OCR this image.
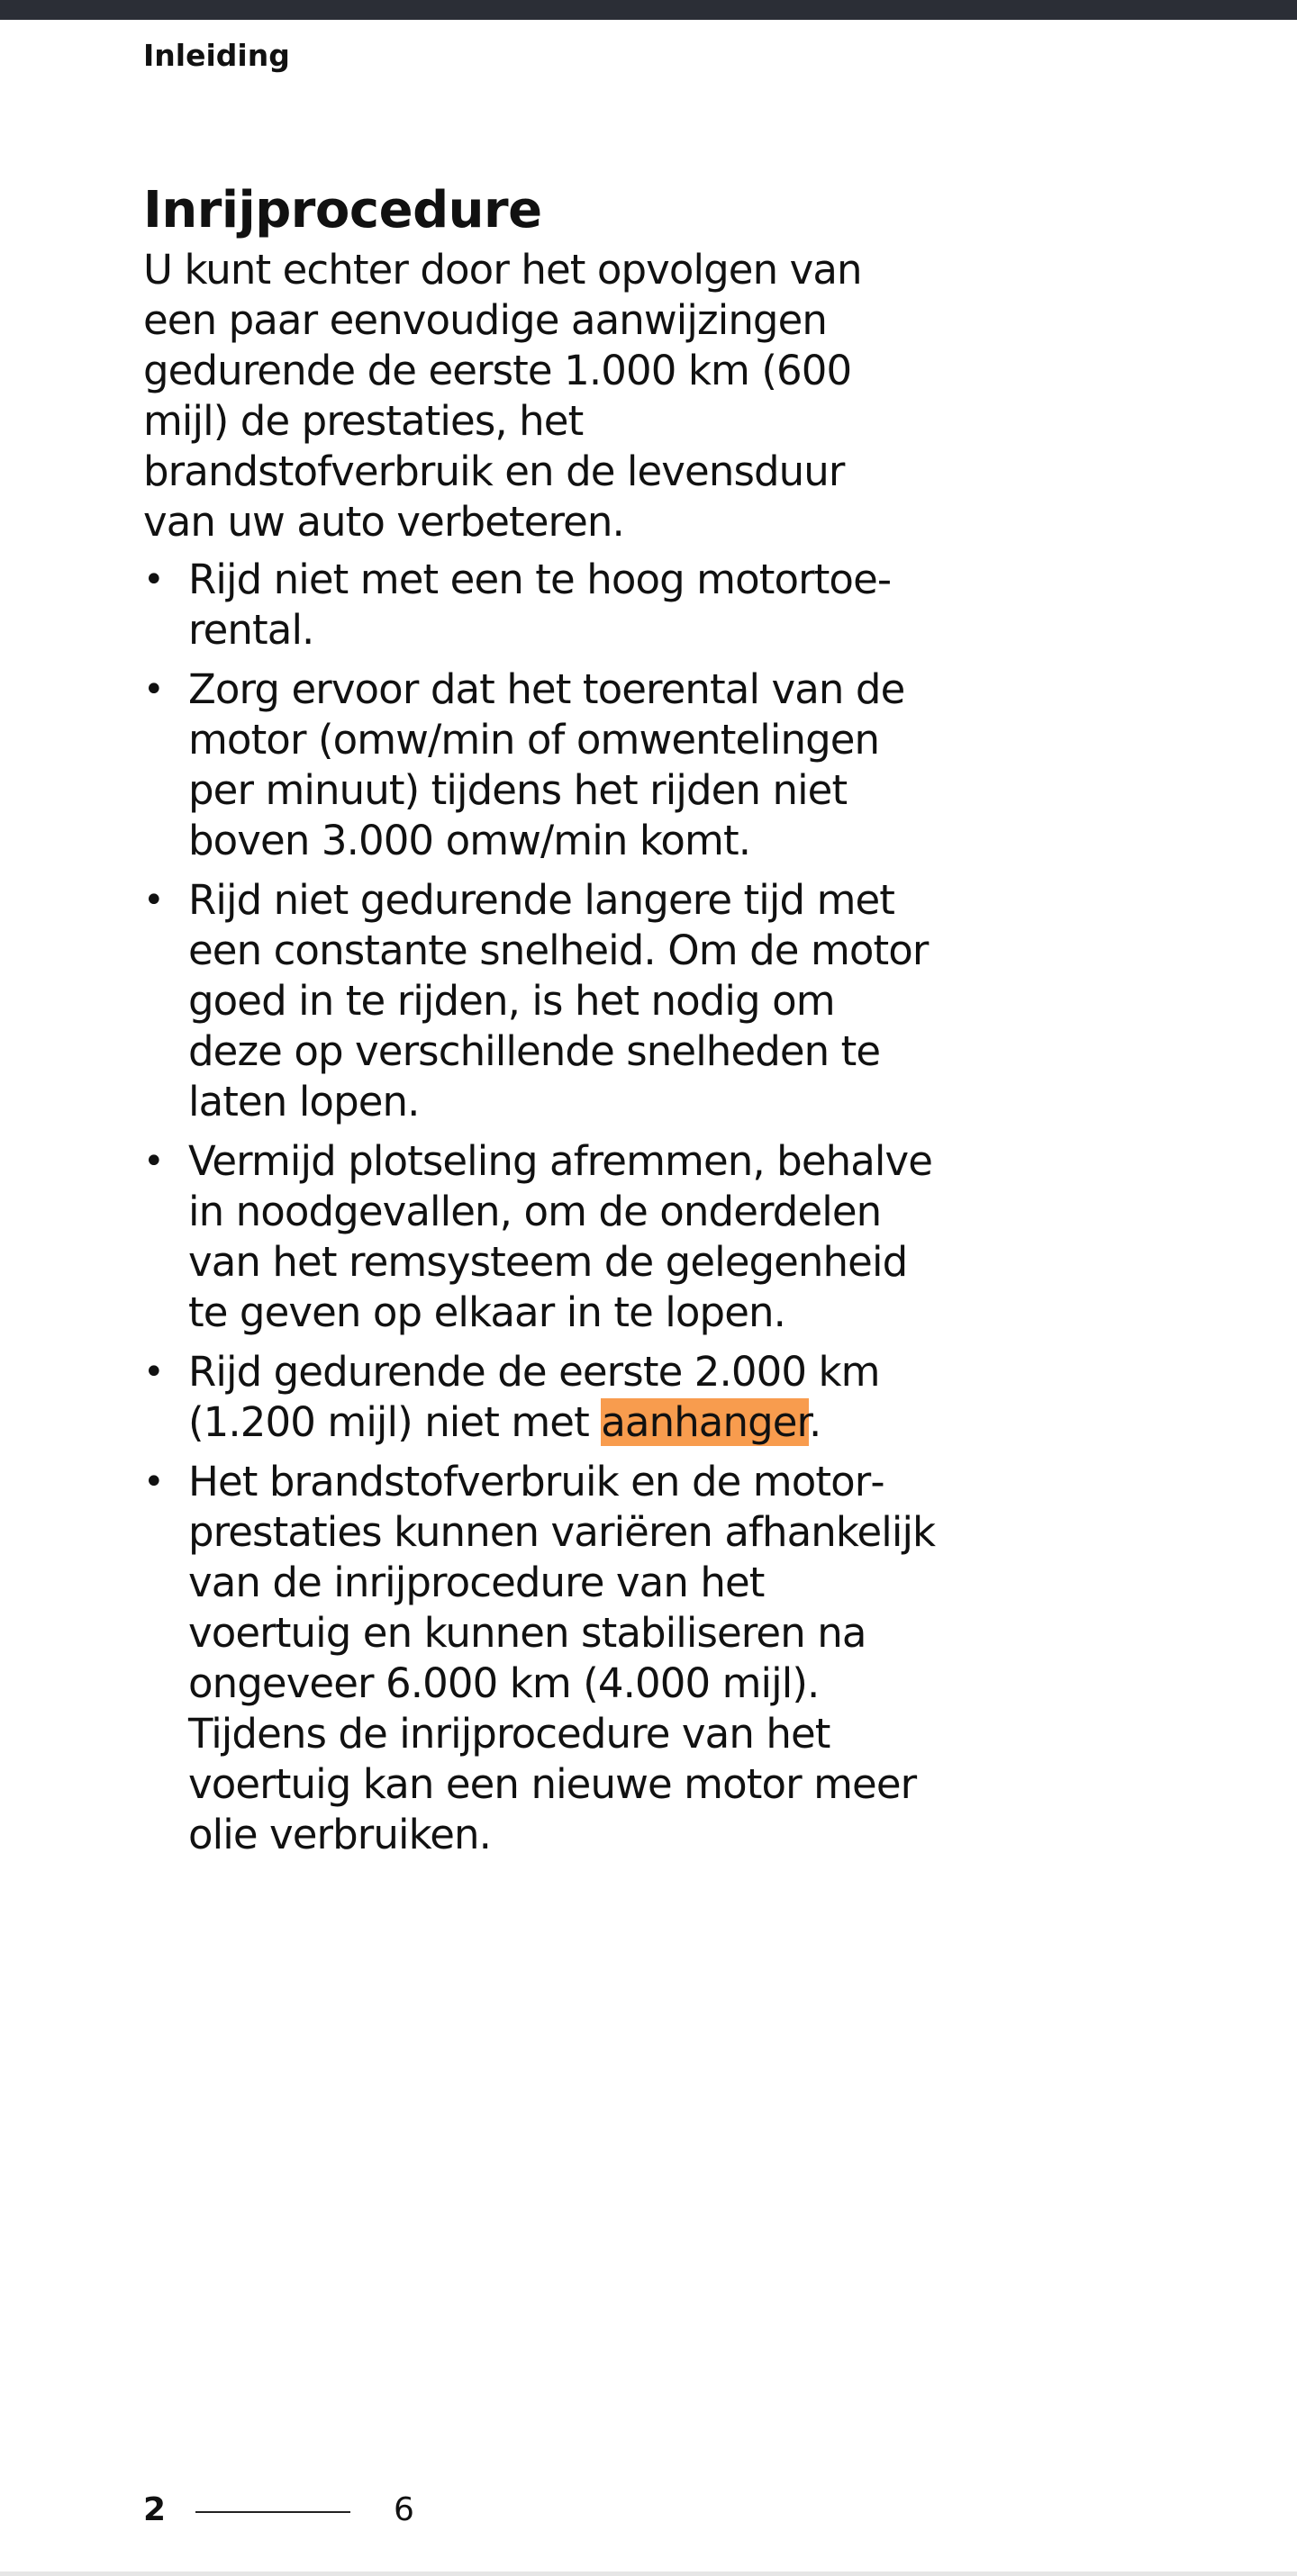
Inleiding

Inrijprocedure

U kunt echter door het opvolgen van een paar eenvoudige aanwijzingen gedurende de eerste 1.000 km (600 mijl) de prestaties, het brandstofverbruik en de levensduur van uw auto verbeteren.

• Rijd niet met een te hoog motortoerental.
• Zorg ervoor dat het toerental van de motor (omw/min of omwentelingen per minuut) tijdens het rijden niet boven 3.000 omw/min komt.
• Rijd niet gedurende langere tijd met een constante snelheid. Om de motor goed in te rijden, is het nodig om deze op verschillende snelheden te laten lopen.
• Vermijd plotseling afremmen, behalve in noodgevallen, om de onderdelen van het remsysteem de gelegenheid te geven op elkaar in te lopen.
• Rijd gedurende de eerste 2.000 km (1.200 mijl) niet met aanhanger.
• Het brandstofverbruik en de motorprestaties kunnen variëren afhankelijk van de inrijprocedure van het voertuig en kunnen stabiliseren na ongeveer 6.000 km (4.000 mijl). Tijdens de inrijprocedure van het voertuig kan een nieuwe motor meer olie verbruiken.

2	6
